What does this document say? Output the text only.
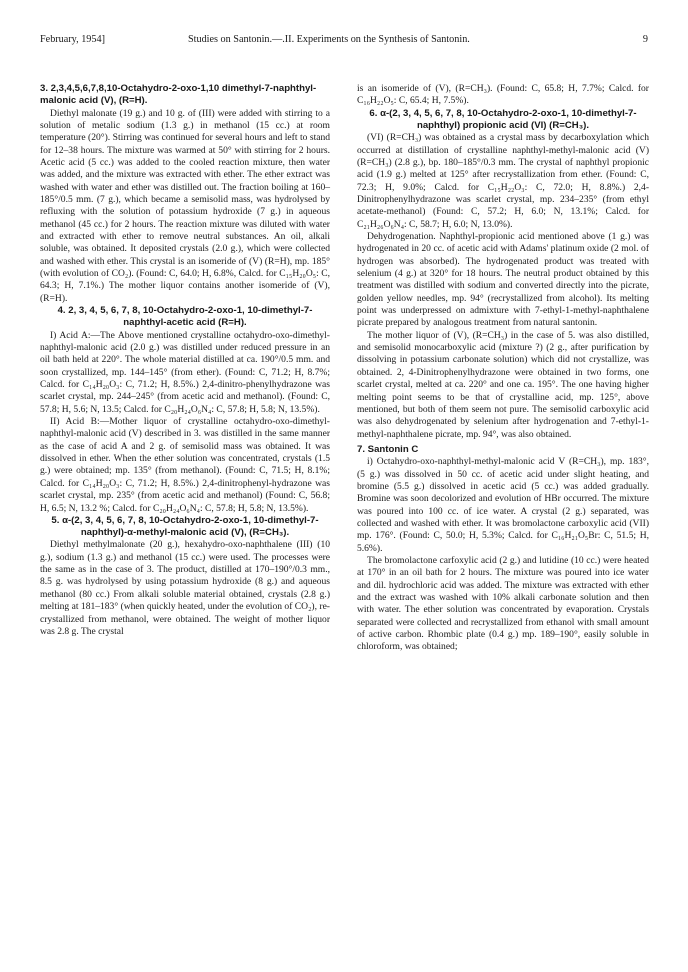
February, 1954]	Studies on Santonin.—.II. Experiments on the Synthesis of Santonin.	9
3. 2,3,4,5,6,7,8,10-Octahydro-2-oxo-1,10 dimethyl-7-naphthyl-malonic acid (V), (R=H).

Diethyl malonate (19 g.) and 10 g. of (III) were added with stirring to a solution of metalic sodium (1.3 g.) in methanol (15 cc.) at room temperature (20°). Stirring was continued for several hours and left to stand for 12–38 hours. The mixture was warmed at 50° with stirring for 2 hours. Acetic acid (5 cc.) was added to the cooled reaction mixture, then water was added, and the mixture was extracted with ether. The ether extract was washed with water and ether was distilled out. The fraction boiling at 160–185°/0.5 mm. (7 g.), which became a semisolid mass, was hydrolysed by refluxing with the solution of potassium hydroxide (7 g.) in aqueous methanol (45 cc.) for 2 hours. The reaction mixture was diluted with water and extracted with ether to remove neutral substances. An oil, alkali soluble, was obtained. It deposited crystals (2.0 g.), which were collected and washed with ether. This crystal is an isomeride of (V) (R=H), mp. 185° (with evolution of CO₂). (Found: C, 64.0; H, 6.8%, Calcd. for C₁₅H₂₀O₅: C, 64.3; H, 7.1%.) The mother liquor contains another isomeride of (V), (R=H).

4. 2, 3, 4, 5, 6, 7, 8, 10-Octahydro-2-oxo-1, 10-dimethyl-7-naphthyl-acetic acid (R=H).

I) Acid A:—The Above mentioned crystalline octahydro-oxo-dimethyl-naphthyl-malonic acid (2.0 g.) was distilled under reduced pressure in an oil bath held at 220°. The whole material distilled at ca. 190°/0.5 mm. and soon crystallized, mp. 144–145° (from ether). (Found: C, 71.2; H, 8.7%; Calcd. for C₁₄H₂₀O₃: C, 71.2; H, 8.5%.) 2,4-dinitro-phenylhydrazone was scarlet crystal, mp. 244–245° (from acetic acid and methanol). (Found: C, 57.8; H, 5.6; N, 13.5; Calcd. for C₂₀H₂₄O₆N₄: C, 57.8; H, 5.8; N, 13.5%).

II) Acid B:—Mother liquor of crystalline octahydro-oxo-dimethyl-naphthyl-malonic acid (V) described in 3. was distilled in the same manner as the case of acid A and 2 g. of semisolid mass was obtained. It was dissolved in ether. When the ether solution was concentrated, crystals (1.5 g.) were obtained; mp. 135° (from methanol). (Found: C, 71.5; H, 8.1%; Calcd. for C₁₄H₂₀O₃: C, 71.2; H, 8.5%.) 2,4-dinitrophenyl-hydrazone was scarlet crystal, mp. 235° (from acetic acid and methanol) (Found: C, 56.8; H, 6.5; N, 13.2 %; Calcd. for C₂₀H₂₄O₆N₄: C, 57.8; H, 5.8; N, 13.5%).

5. α-(2, 3, 4, 5, 6, 7, 8, 10-Octahydro-2-oxo-1, 10-dimethyl-7-naphthyl)-α-methyl-malonic acid (V), (R=CH₃).

Diethyl methylmalonate (20 g.), hexahydro-oxo-naphthalene (III) (10 g.), sodium (1.3 g.) and methanol (15 cc.) were used. The processes were the same as in the case of 3. The product, distilled at 170–190°/0.3 mm., 8.5 g. was hydrolysed by using potassium hydroxide (8 g.) and aqueous methanol (80 cc.) From alkali soluble material obtained, crystals (2.8 g.) melting at 181–183° (when quickly heated, under the evolution of CO₂), re-crystallized from methanol, were obtained. The weight of mother liquor was 2.8 g. The crystal

is an isomeride of (V), (R=CH₃). (Found: C, 65.8; H, 7.7%; Calcd. for C₁₆H₂₂O₅: C, 65.4; H, 7.5%).

6. α-(2, 3, 4, 5, 6, 7, 8, 10-Octahydro-2-oxo-1, 10-dimethyl-7-naphthyl) propionic acid (VI) (R=CH₃).

(VI) (R=CH₃) was obtained as a crystal mass by decarboxylation which occurred at distillation of crystalline naphthyl-methyl-malonic acid (V) (R=CH₃) (2.8 g.), bp. 180–185°/0.3 mm. The crystal of naphthyl propionic acid (1.9 g.) melted at 125° after recrystallization from ether. (Found: C, 72.3; H, 9.0%; Calcd. for C₁₅H₂₂O₃: C, 72.0; H, 8.8%.) 2,4-Dinitrophenylhydrazone was scarlet crystal, mp. 234–235° (from ethyl acetate-methanol) (Found: C, 57.2; H, 6.0; N, 13.1%; Calcd. for C₂₁H₂₆O₆N₄: C, 58.7; H, 6.0; N, 13.0%).

Dehydrogenation. Naphthyl-propionic acid mentioned above (1 g.) was hydrogenated in 20 cc. of acetic acid with Adams' platinum oxide (2 mol. of hydrogen was absorbed). The hydrogenated product was treated with selenium (4 g.) at 320° for 18 hours. The neutral product obtained by this treatment was distilled with sodium and converted directly into the picrate, golden yellow needles, mp. 94° (recrystallized from alcohol). Its melting point was underpressed on admixture with 7-ethyl-1-methyl-naphthalene picrate prepared by analogous treatment from natural santonin.

The mother liquor of (V), (R=CH₃) in the case of 5. was also distilled, and semisolid monocarboxylic acid (mixture ?) (2 g., after purification by dissolving in potassium carbonate solution) which did not crystallize, was obtained. 2, 4-Dinitrophenylhydrazone were obtained in two forms, one scarlet crystal, melted at ca. 220° and one ca. 195°. The one having higher melting point seems to be that of crystalline acid, mp. 125°, above mentioned, but both of them seem not pure. The semisolid carboxylic acid was also dehydrogenated by selenium after hydrogenation and 7-ethyl-1-methyl-naphthalene picrate, mp. 94°, was also obtained.

7. Santonin C

i) Octahydro-oxo-naphthyl-methyl-malonic acid V (R=CH₃), mp. 183°, (5 g.) was dissolved in 50 cc. of acetic acid under slight heating, and bromine (5.5 g.) dissolved in acetic acid (5 cc.) was added gradually. Bromine was soon decolorized and evolution of HBr occurred. The mixture was poured into 100 cc. of ice water. A crystal (2 g.) separated, was collected and washed with ether. It was bromolactone carboxylic acid (VII) mp. 176°. (Found: C, 50.0; H, 5.3%; Calcd. for C₁₆H₂₁O₅Br: C, 51.5; H, 5.6%).

The bromolactone carfoxylic acid (2 g.) and lutidine (10 cc.) were heated at 170° in an oil bath for 2 hours. The mixture was poured into ice water and dil. hydrochloric acid was added. The mixture was extracted with ether and the extract was washed with 10% alkali carbonate solution and then with water. The ether solution was concentrated by evaporation. Crystals separated were collected and recrystallized from ethanol with small amount of active carbon. Rhombic plate (0.4 g.) mp. 189–190°, easily soluble in chloroform, was obtained;
